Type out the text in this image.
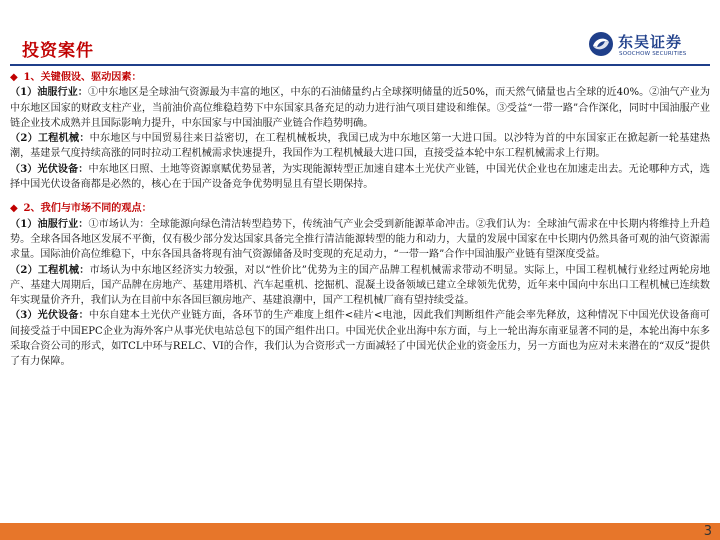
投资案件	东吴证券
SOOCHOW SECURITIES
◆ 1、关键假设、驱动因素：

（1）油服行业：①中东地区是全球油气资源最为丰富的地区，中东的石油储量约占全球探明储量的近50%，而天然气储量也占全球的近40%。②油气产业为中东地区国家的财政支柱产业，当前油价高位维稳趋势下中东国家具备充足的动力进行油气项目建设和维保。③受益“一带一路”合作深化，同时中国油服产业链企业技术成熟并且国际影响力提升，中东国家与中国油服产业链合作趋势明确。

（2）工程机械：中东地区与中国贸易往来日益密切，在工程机械板块，我国已成为中东地区第一大进口国。以沙特为首的中东国家正在掀起新一轮基建热潮，基建景气度持续高涨的同时拉动工程机械需求快速提升，我国作为工程机械最大进口国，直接受益本轮中东工程机械需求上行期。

（3）光伏设备：中东地区日照、土地等资源禀赋优势显著，为实现能源转型正加速自建本土光伏产业链，中国光伏企业也在加速走出去。无论哪种方式，选择中国光伏设备商都是必然的，核心在于国产设备竞争优势明显且有望长期保持。

◆ 2、我们与市场不同的观点：

（1）油服行业：①市场认为：全球能源向绿色清洁转型趋势下，传统油气产业会受到新能源革命冲击。②我们认为：全球油气需求在中长期内将维持上升趋势。全球各国各地区发展不平衡，仅有极少部分发达国家具备完全推行清洁能源转型的能力和动力，大量的发展中国家在中长期内仍然具备可观的油气资源需求量。国际油价高位维稳下，中东各国具备将现有油气资源储备及时变现的充足动力，“一带一路”合作中国油服产业链有望深度受益。

（2）工程机械：市场认为中东地区经济实力较强，对以“性价比”优势为主的国产品牌工程机械需求带动不明显。实际上，中国工程机械行业经过两轮房地产、基建大周期后，国产品牌在房地产、基建用塔机、汽车起重机、挖掘机、混凝土设备领域已建立全球领先优势，近年来中国向中东出口工程机械已连续数年实现量价齐升，我们认为在目前中东各国巨额房地产、基建浪潮中，国产工程机械厂商有望持续受益。

（3）光伏设备：中东自建本土光伏产业链方面，各环节的生产难度上组件<硅片<电池，因此我们判断组件产能会率先释放，这种情况下中国光伏设备商可间接受益于中国EPC企业为海外客户从事光伏电站总包下的国产组件出口。中国光伏企业出海中东方面，与上一轮出海东南亚显著不同的是，本轮出海中东多采取合资公司的形式，如TCL中环与RELC、VI的合作，我们认为合资形式一方面减轻了中国光伏企业的资金压力，另一方面也为应对未来潜在的“双反”提供了有力保障。

3
